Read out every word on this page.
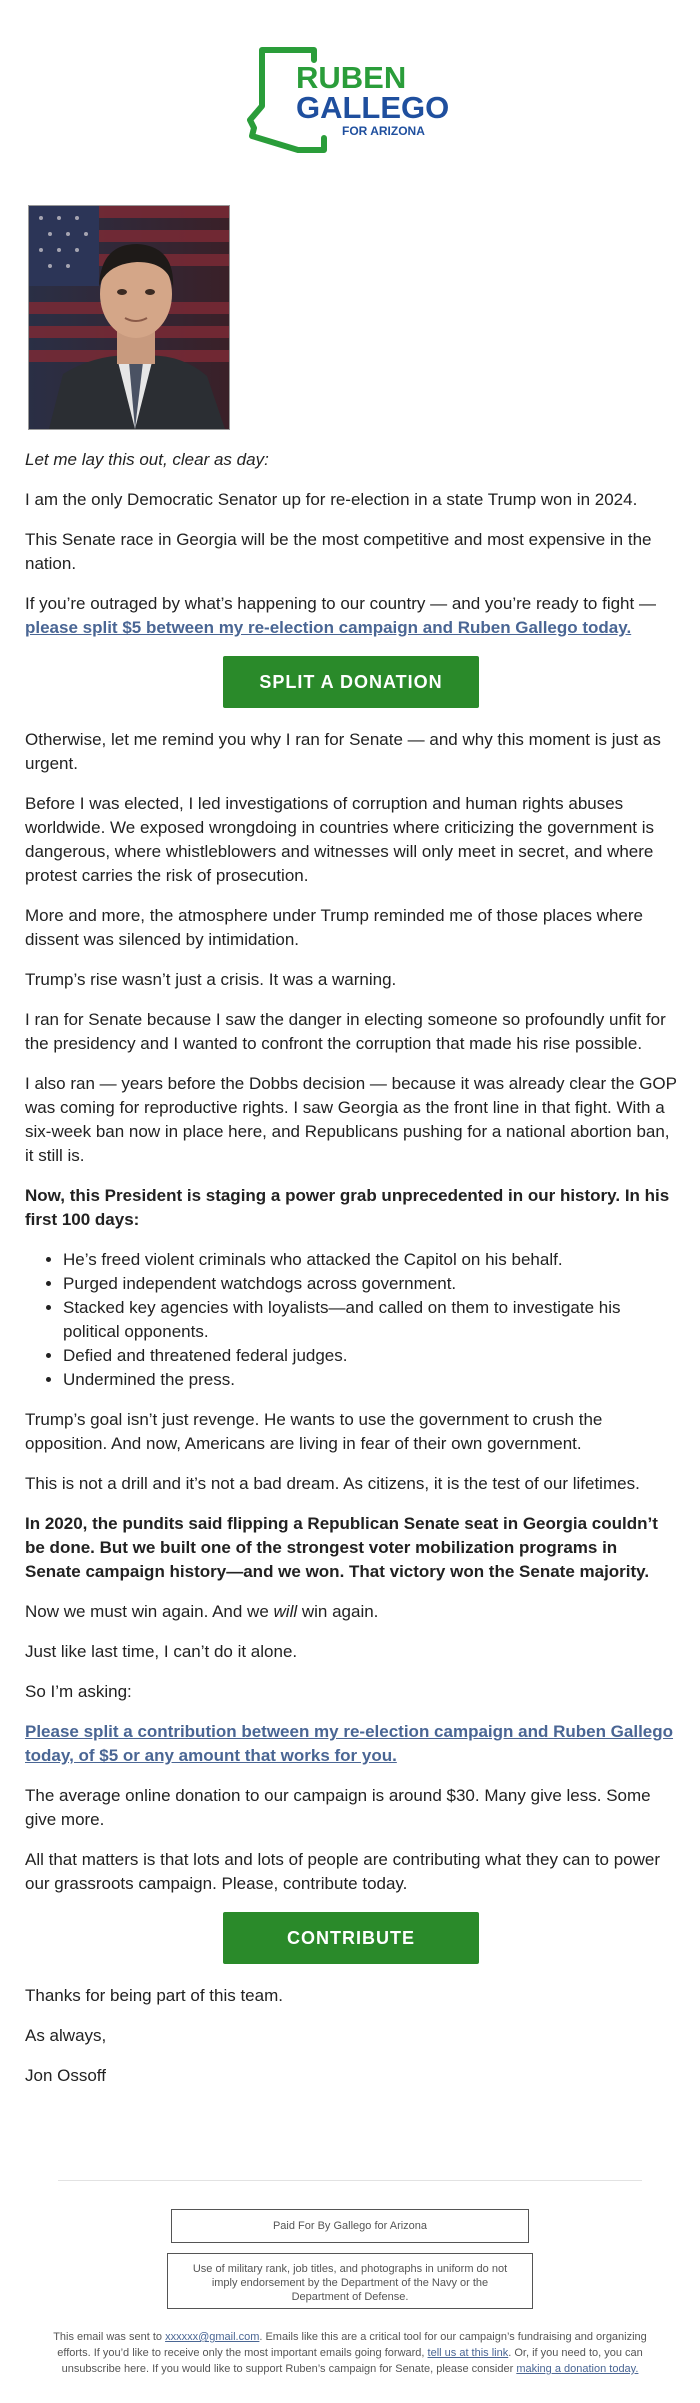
RUBEN
GALLEGO
FOR ARIZONA

Let me lay this out, clear as day:

I am the only Democratic Senator up for re-election in a state Trump won in 2024.

This Senate race in Georgia will be the most competitive and most expensive in the nation.

If you’re outraged by what’s happening to our country — and you’re ready to fight — please split $5 between my re-election campaign and Ruben Gallego today.

SPLIT A DONATION

Otherwise, let me remind you why I ran for Senate — and why this moment is just as urgent.

Before I was elected, I led investigations of corruption and human rights abuses worldwide. We exposed wrongdoing in countries where criticizing the government is dangerous, where whistleblowers and witnesses will only meet in secret, and where protest carries the risk of prosecution.

More and more, the atmosphere under Trump reminded me of those places where dissent was silenced by intimidation.

Trump’s rise wasn’t just a crisis. It was a warning.

I ran for Senate because I saw the danger in electing someone so profoundly unfit for the presidency and I wanted to confront the corruption that made his rise possible.

I also ran — years before the Dobbs decision — because it was already clear the GOP was coming for reproductive rights. I saw Georgia as the front line in that fight. With a six-week ban now in place here, and Republicans pushing for a national abortion ban, it still is.

Now, this President is staging a power grab unprecedented in our history. In his first 100 days:

• He’s freed violent criminals who attacked the Capitol on his behalf.
• Purged independent watchdogs across government.
• Stacked key agencies with loyalists—and called on them to investigate his political opponents.
• Defied and threatened federal judges.
• Undermined the press.

Trump’s goal isn’t just revenge. He wants to use the government to crush the opposition. And now, Americans are living in fear of their own government.

This is not a drill and it’s not a bad dream. As citizens, it is the test of our lifetimes.

In 2020, the pundits said flipping a Republican Senate seat in Georgia couldn’t be done. But we built one of the strongest voter mobilization programs in Senate campaign history—and we won. That victory won the Senate majority.

Now we must win again. And we will win again.

Just like last time, I can’t do it alone.

So I’m asking:

Please split a contribution between my re-election campaign and Ruben Gallego today, of $5 or any amount that works for you.

The average online donation to our campaign is around $30. Many give less. Some give more.

All that matters is that lots and lots of people are contributing what they can to power our grassroots campaign. Please, contribute today.

CONTRIBUTE

Thanks for being part of this team.

As always,

Jon Ossoff

Paid For By Gallego for Arizona
Use of military rank, job titles, and photographs in uniform do not imply endorsement by the Department of the Navy or the Department of Defense.
This email was sent to xxxxxx@gmail.com. Emails like this are a critical tool for our campaign’s fundraising and organizing efforts. If you’d like to receive only the most important emails going forward, tell us at this link. Or, if you need to, you can unsubscribe here. If you would like to support Ruben’s campaign for Senate, please consider making a donation today.
